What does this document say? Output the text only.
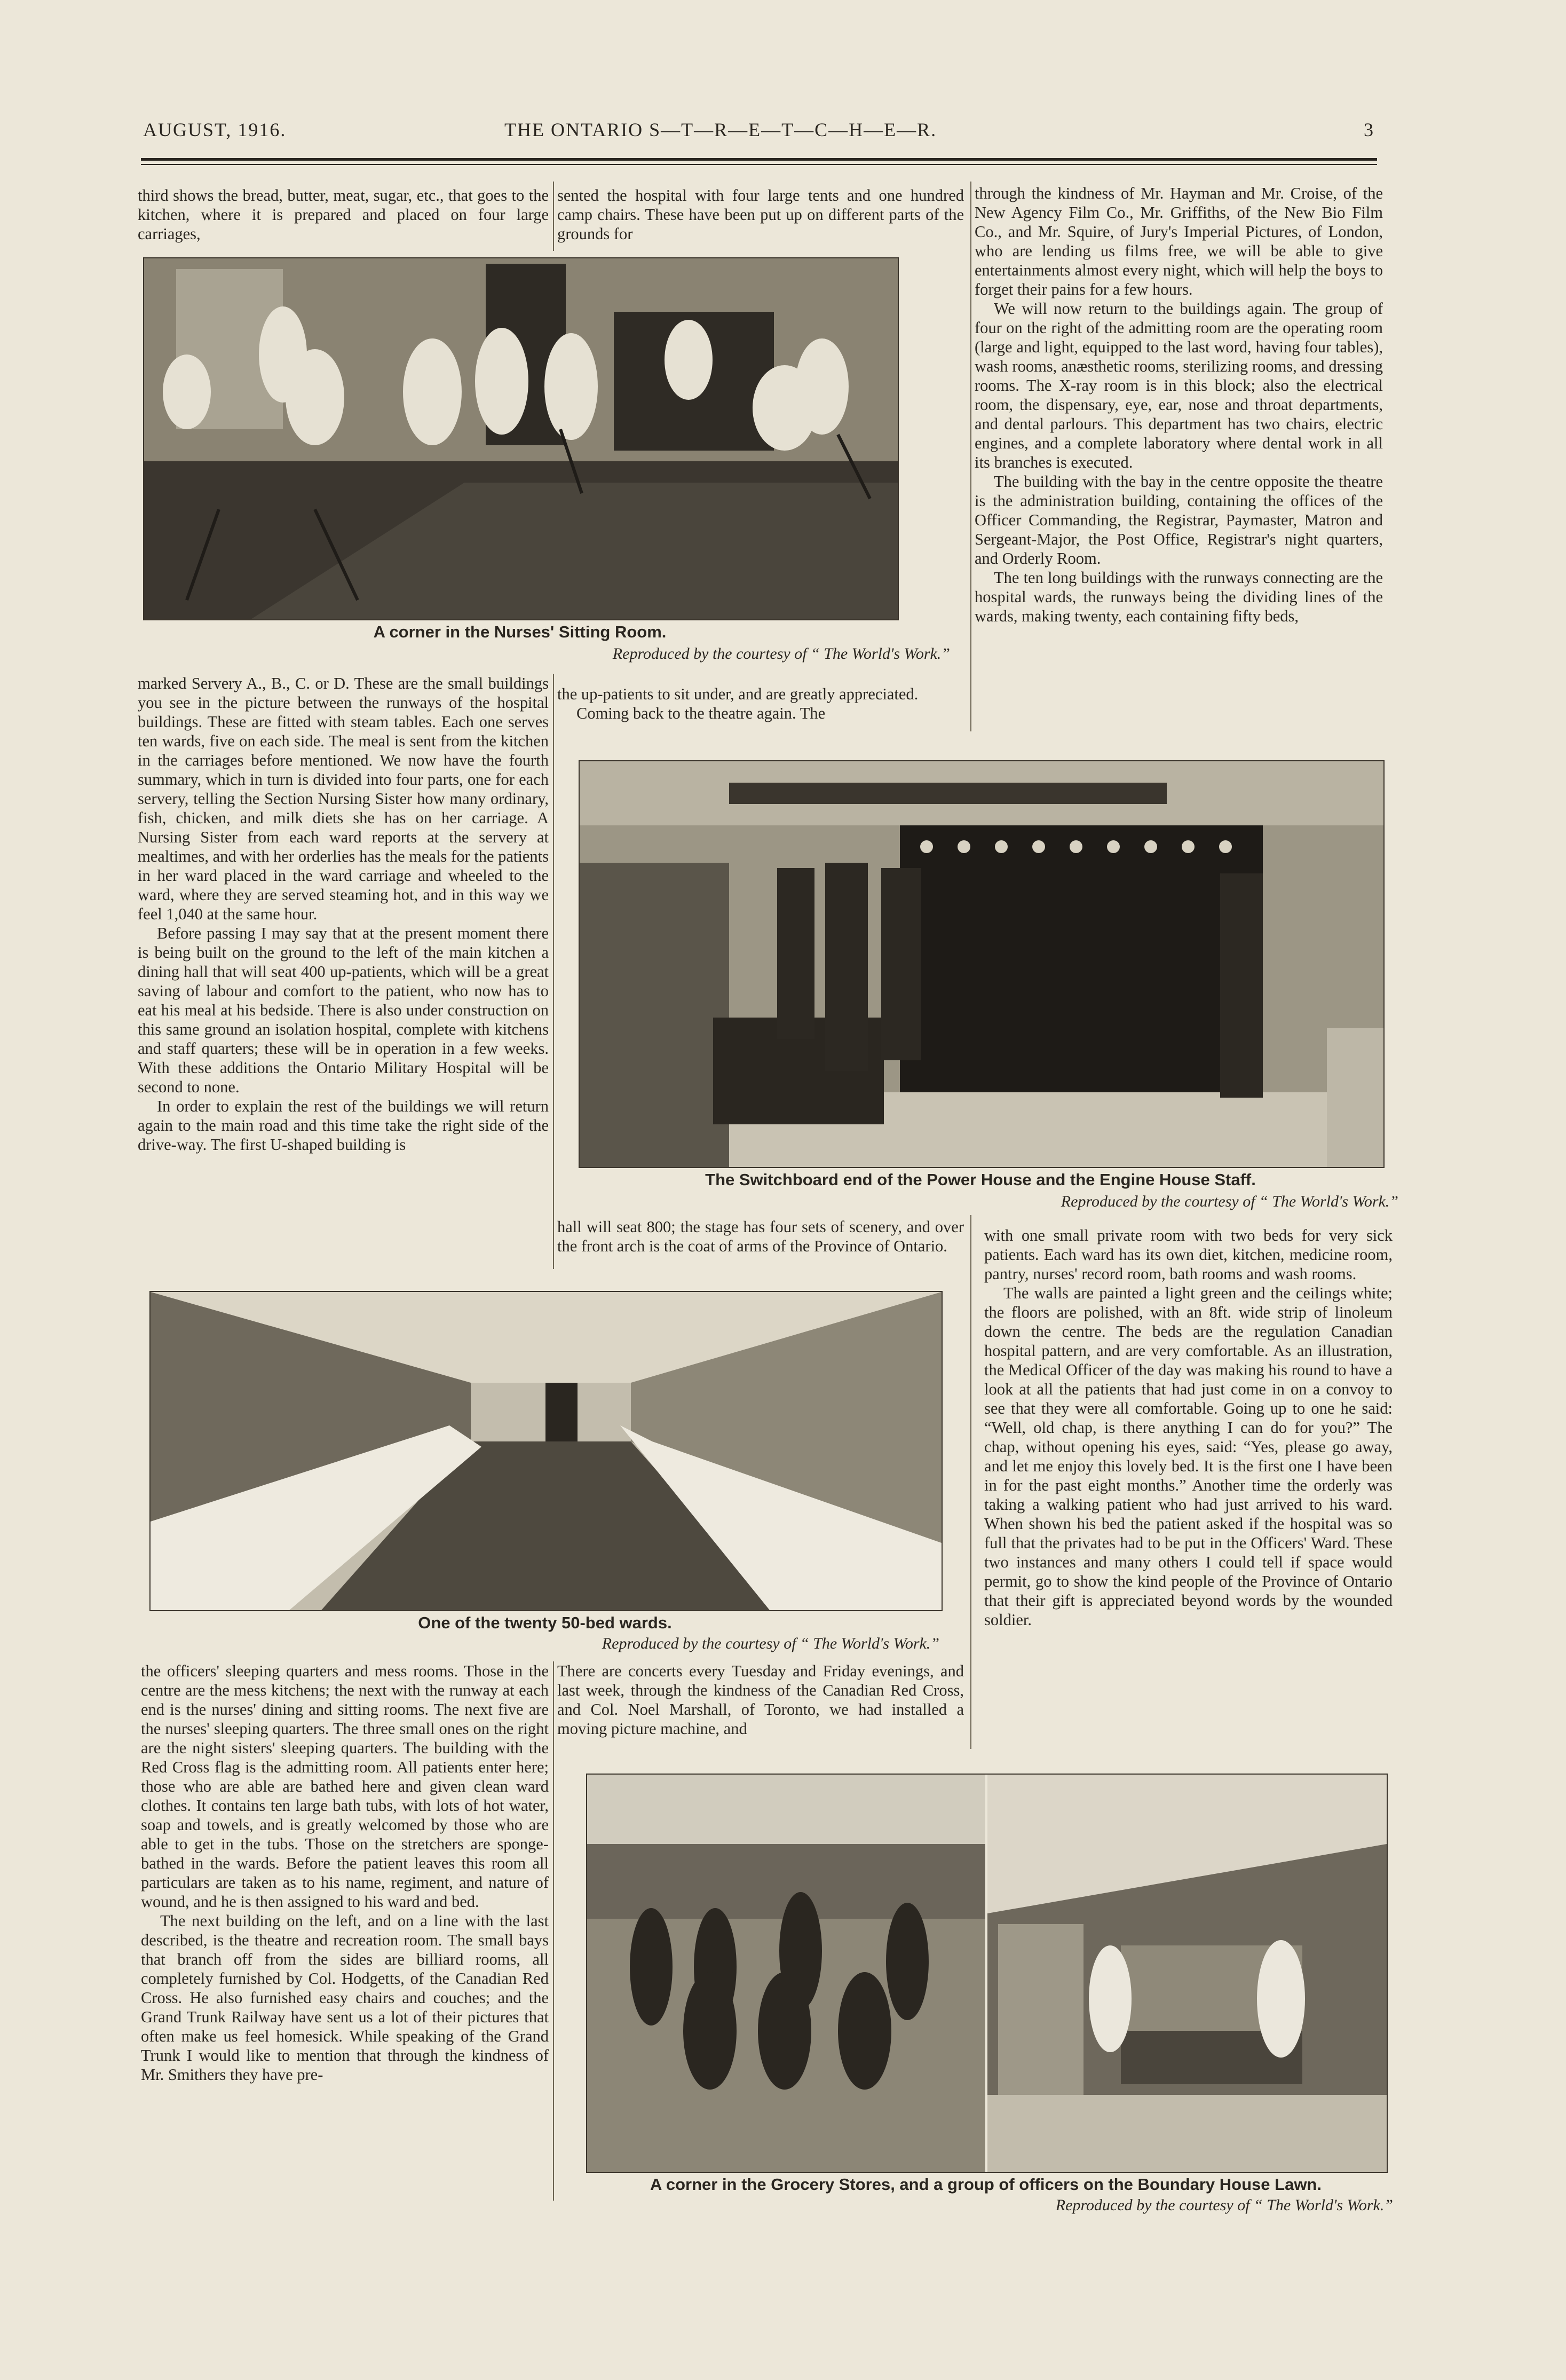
AUGUST, 1916.	THE ONTARIO S—T—R—E—T—C—H—E—R.	3

third shows the bread, butter, meat, sugar, etc., that goes to the kitchen, where it is prepared and placed on four large carriages,

sented the hospital with four large tents and one hundred camp chairs. These have been put up on different parts of the grounds for

through the kindness of Mr. Hayman and Mr. Croise, of the New Agency Film Co., Mr. Griffiths, of the New Bio Film Co., and Mr. Squire, of Jury's Imperial Pictures, of London, who are lending us films free, we will be able to give entertainments almost every night, which will help the boys to forget their pains for a few hours.

We will now return to the buildings again. The group of four on the right of the admitting room are the operating room (large and light, equipped to the last word, having four tables), wash rooms, anæsthetic rooms, sterilizing rooms, and dressing rooms. The X-ray room is in this block; also the electrical room, the dispensary, eye, ear, nose and throat departments, and dental parlours. This department has two chairs, electric engines, and a complete laboratory where dental work in all its branches is executed.

The building with the bay in the centre opposite the theatre is the administration building, containing the offices of the Officer Commanding, the Registrar, Paymaster, Matron and Sergeant-Major, the Post Office, Registrar's night quarters, and Orderly Room.

The ten long buildings with the runways connecting are the hospital wards, the runways being the dividing lines of the wards, making twenty, each containing fifty beds,

A corner in the Nurses' Sitting Room.
Reproduced by the courtesy of “ The World's Work.”

marked Servery A., B., C. or D. These are the small buildings you see in the picture between the runways of the hospital buildings. These are fitted with steam tables. Each one serves ten wards, five on each side. The meal is sent from the kitchen in the carriages before mentioned. We now have the fourth summary, which in turn is divided into four parts, one for each servery, telling the Section Nursing Sister how many ordinary, fish, chicken, and milk diets she has on her carriage. A Nursing Sister from each ward reports at the servery at mealtimes, and with her orderlies has the meals for the patients in her ward placed in the ward carriage and wheeled to the ward, where they are served steaming hot, and in this way we feel 1,040 at the same hour.

Before passing I may say that at the present moment there is being built on the ground to the left of the main kitchen a dining hall that will seat 400 up-patients, which will be a great saving of labour and comfort to the patient, who now has to eat his meal at his bedside. There is also under construction on this same ground an isolation hospital, complete with kitchens and staff quarters; these will be in operation in a few weeks. With these additions the Ontario Military Hospital will be second to none.

In order to explain the rest of the buildings we will return again to the main road and this time take the right side of the drive-way. The first U-shaped building is

the up-patients to sit under, and are greatly appreciated.

Coming back to the theatre again. The

The Switchboard end of the Power House and the Engine House Staff.
Reproduced by the courtesy of “ The World's Work.”

hall will seat 800; the stage has four sets of scenery, and over the front arch is the coat of arms of the Province of Ontario.

with one small private room with two beds for very sick patients. Each ward has its own diet, kitchen, medicine room, pantry, nurses' record room, bath rooms and wash rooms.

The walls are painted a light green and the ceilings white; the floors are polished, with an 8ft. wide strip of linoleum down the centre. The beds are the regulation Canadian hospital pattern, and are very comfortable. As an illustration, the Medical Officer of the day was making his round to have a look at all the patients that had just come in on a convoy to see that they were all comfortable. Going up to one he said: “Well, old chap, is there anything I can do for you?” The chap, without opening his eyes, said: “Yes, please go away, and let me enjoy this lovely bed. It is the first one I have been in for the past eight months.” Another time the orderly was taking a walking patient who had just arrived to his ward. When shown his bed the patient asked if the hospital was so full that the privates had to be put in the Officers' Ward. These two instances and many others I could tell if space would permit, go to show the kind people of the Province of Ontario that their gift is appreciated beyond words by the wounded soldier.

One of the twenty 50-bed wards.
Reproduced by the courtesy of “ The World's Work.”

the officers' sleeping quarters and mess rooms. Those in the centre are the mess kitchens; the next with the runway at each end is the nurses' dining and sitting rooms. The next five are the nurses' sleeping quarters. The three small ones on the right are the night sisters' sleeping quarters. The building with the Red Cross flag is the admitting room. All patients enter here; those who are able are bathed here and given clean ward clothes. It contains ten large bath tubs, with lots of hot water, soap and towels, and is greatly welcomed by those who are able to get in the tubs. Those on the stretchers are sponge-bathed in the wards. Before the patient leaves this room all particulars are taken as to his name, regiment, and nature of wound, and he is then assigned to his ward and bed.

The next building on the left, and on a line with the last described, is the theatre and recreation room. The small bays that branch off from the sides are billiard rooms, all completely furnished by Col. Hodgetts, of the Canadian Red Cross. He also furnished easy chairs and couches; and the Grand Trunk Railway have sent us a lot of their pictures that often make us feel homesick. While speaking of the Grand Trunk I would like to mention that through the kindness of Mr. Smithers they have pre-

There are concerts every Tuesday and Friday evenings, and last week, through the kindness of the Canadian Red Cross, and Col. Noel Marshall, of Toronto, we had installed a moving picture machine, and

A corner in the Grocery Stores, and a group of officers on the Boundary House Lawn.
Reproduced by the courtesy of “ The World's Work.”
